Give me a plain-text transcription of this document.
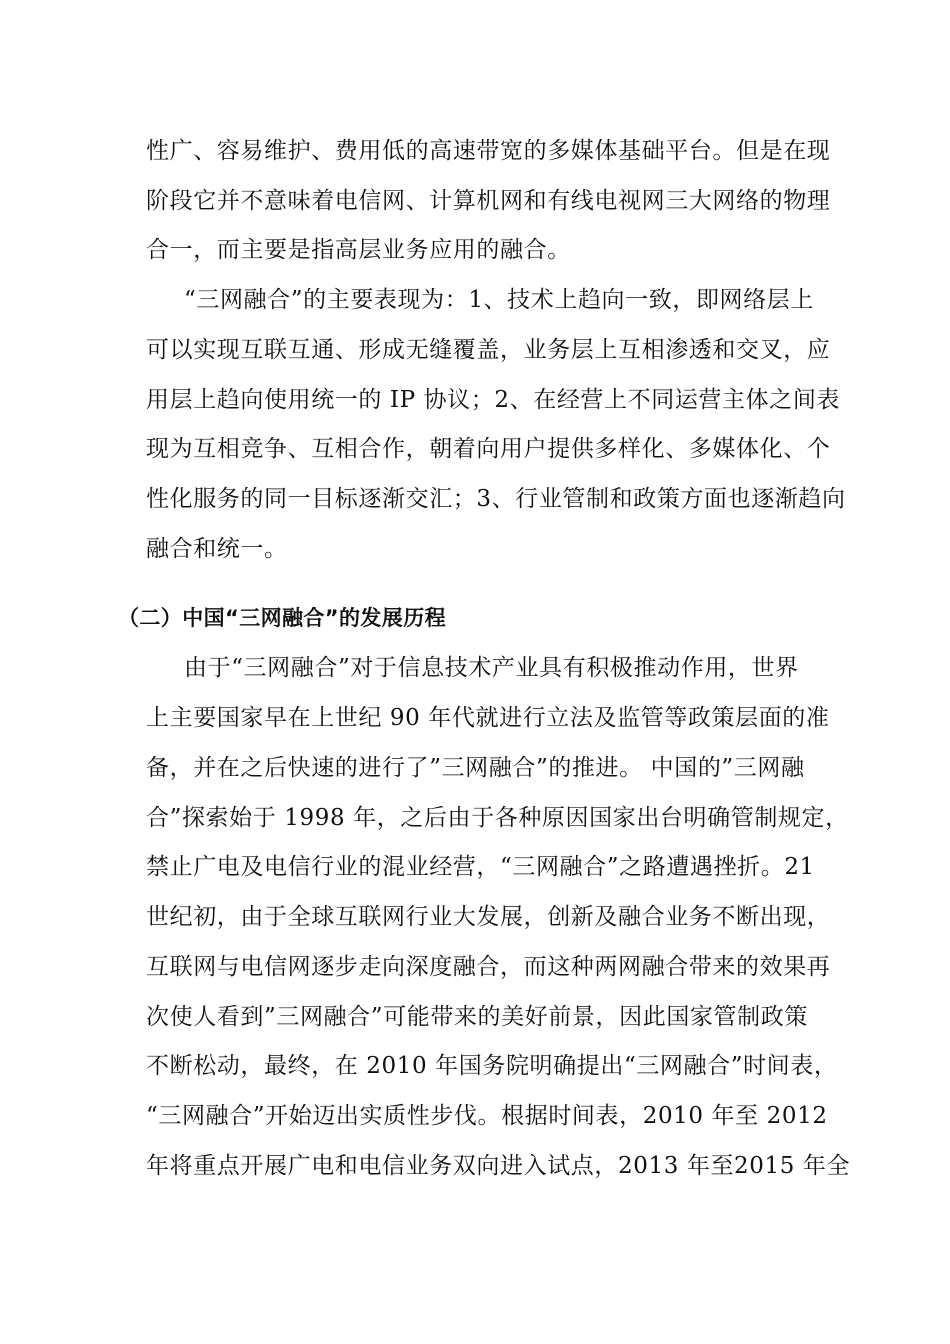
性广、容易维护、费用低的高速带宽的多媒体基础平台。但是在现
阶段它并不意味着电信网、计算机网和有线电视网三大网络的物理
合一，而主要是指高层业务应用的融合。
“三网融合”的主要表现为：1、技术上趋向一致，即网络层上
可以实现互联互通、形成无缝覆盖，业务层上互相渗透和交叉，应
用层上趋向使用统一的 IP 协议；2、在经营上不同运营主体之间表
现为互相竞争、互相合作，朝着向用户提供多样化、多媒体化、个
性化服务的同一目标逐渐交汇；3、行业管制和政策方面也逐渐趋向
融合和统一。
（二）中国“三网融合”的发展历程
由于“三网融合”对于信息技术产业具有积极推动作用，世界
上主要国家早在上世纪 90 年代就进行立法及监管等政策层面的准
备，并在之后快速的进行了”三网融合”的推进。 中国的”三网融
合”探索始于 1998 年，之后由于各种原因国家出台明确管制规定，
禁止广电及电信行业的混业经营，“三网融合”之路遭遇挫折。21
世纪初，由于全球互联网行业大发展，创新及融合业务不断出现，
互联网与电信网逐步走向深度融合，而这种两网融合带来的效果再
次使人看到”三网融合”可能带来的美好前景，因此国家管制政策
不断松动，最终，在 2010 年国务院明确提出“三网融合”时间表，
“三网融合”开始迈出实质性步伐。根据时间表，2010 年至 2012
年将重点开展广电和电信业务双向进入试点，2013 年至2015 年全
